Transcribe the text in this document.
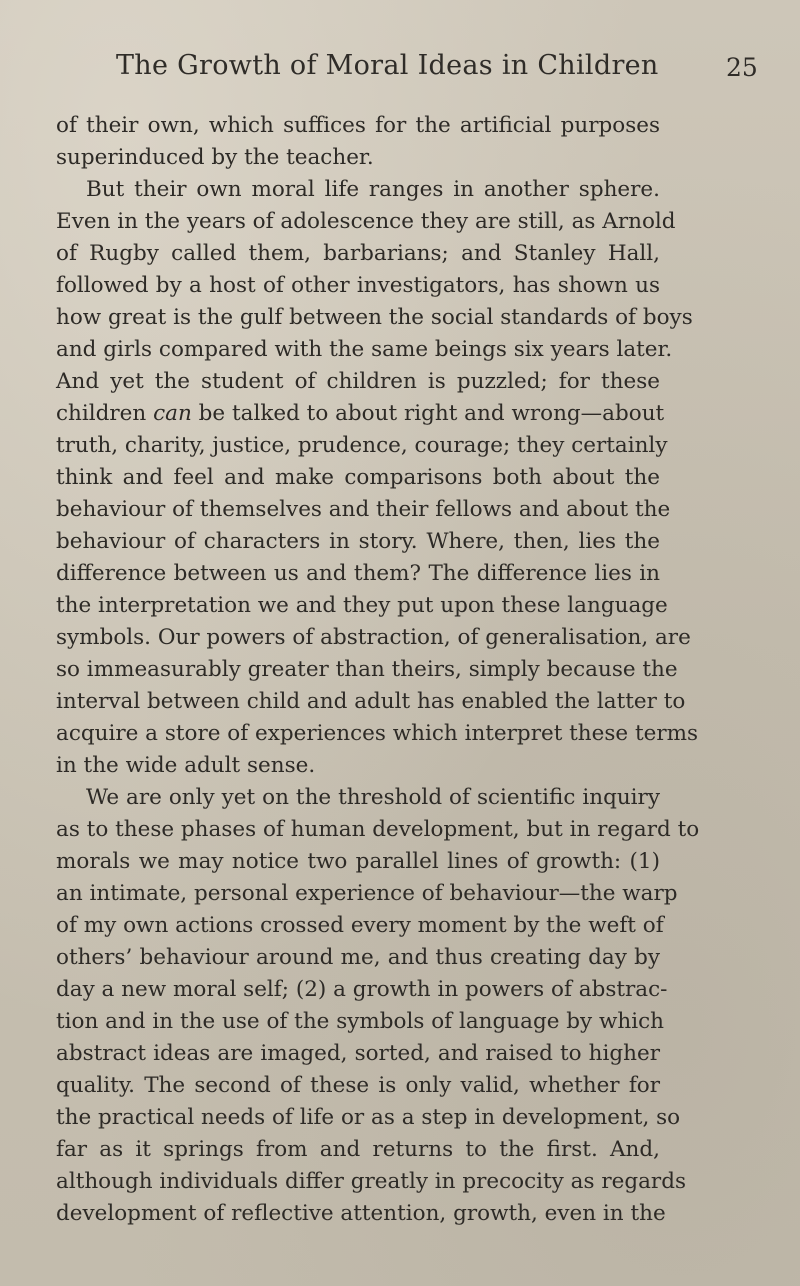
The Growth of Moral Ideas in Children	25
of their own, which suffices for the artificial purposes
superinduced by the teacher.
But their own moral life ranges in another sphere.
Even in the years of adolescence they are still, as Arnold
of Rugby called them, barbarians; and Stanley Hall,
followed by a host of other investigators, has shown us
how great is the gulf between the social standards of boys
and girls compared with the same beings six years later.
And yet the student of children is puzzled; for these
children can be talked to about right and wrong—about
truth, charity, justice, prudence, courage; they certainly
think and feel and make comparisons both about the
behaviour of themselves and their fellows and about the
behaviour of characters in story. Where, then, lies the
difference between us and them? The difference lies in
the interpretation we and they put upon these language
symbols. Our powers of abstraction, of generalisation, are
so immeasurably greater than theirs, simply because the
interval between child and adult has enabled the latter to
acquire a store of experiences which interpret these terms
in the wide adult sense.
We are only yet on the threshold of scientific inquiry
as to these phases of human development, but in regard to
morals we may notice two parallel lines of growth: (1)
an intimate, personal experience of behaviour—the warp
of my own actions crossed every moment by the weft of
others’ behaviour around me, and thus creating day by
day a new moral self; (2) a growth in powers of abstrac-
tion and in the use of the symbols of language by which
abstract ideas are imaged, sorted, and raised to higher
quality. The second of these is only valid, whether for
the practical needs of life or as a step in development, so
far as it springs from and returns to the first. And,
although individuals differ greatly in precocity as regards
development of reflective attention, growth, even in the
